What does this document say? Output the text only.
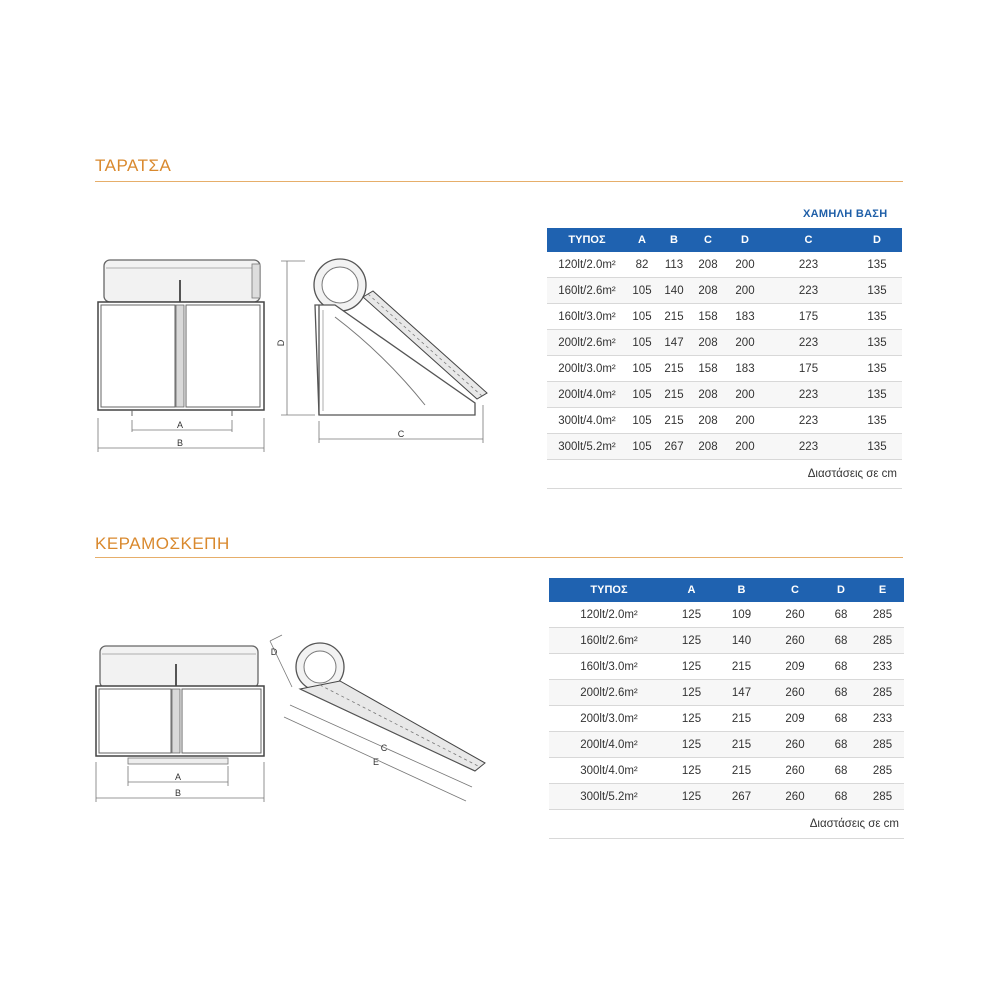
ΤΑΡΑΤΣΑ
A
B
D
C
ΧΑΜΗΛΗ ΒΑΣΗ
ΤΥΠΟΣ	A	B	C	D	C	D
120lt/2.0m²	82	113	208	200	223	135
160lt/2.6m²	105	140	208	200	223	135
160lt/3.0m²	105	215	158	183	175	135
200lt/2.6m²	105	147	208	200	223	135
200lt/3.0m²	105	215	158	183	175	135
200lt/4.0m²	105	215	208	200	223	135
300lt/4.0m²	105	215	208	200	223	135
300lt/5.2m²	105	267	208	200	223	135
Διαστάσεις σε cm
ΚΕΡΑΜΟΣΚΕΠΗ
A
B
D
C
E
ΤΥΠΟΣ	A	B	C	D	E
120lt/2.0m²	125	109	260	68	285
160lt/2.6m²	125	140	260	68	285
160lt/3.0m²	125	215	209	68	233
200lt/2.6m²	125	147	260	68	285
200lt/3.0m²	125	215	209	68	233
200lt/4.0m²	125	215	260	68	285
300lt/4.0m²	125	215	260	68	285
300lt/5.2m²	125	267	260	68	285
Διαστάσεις σε cm
